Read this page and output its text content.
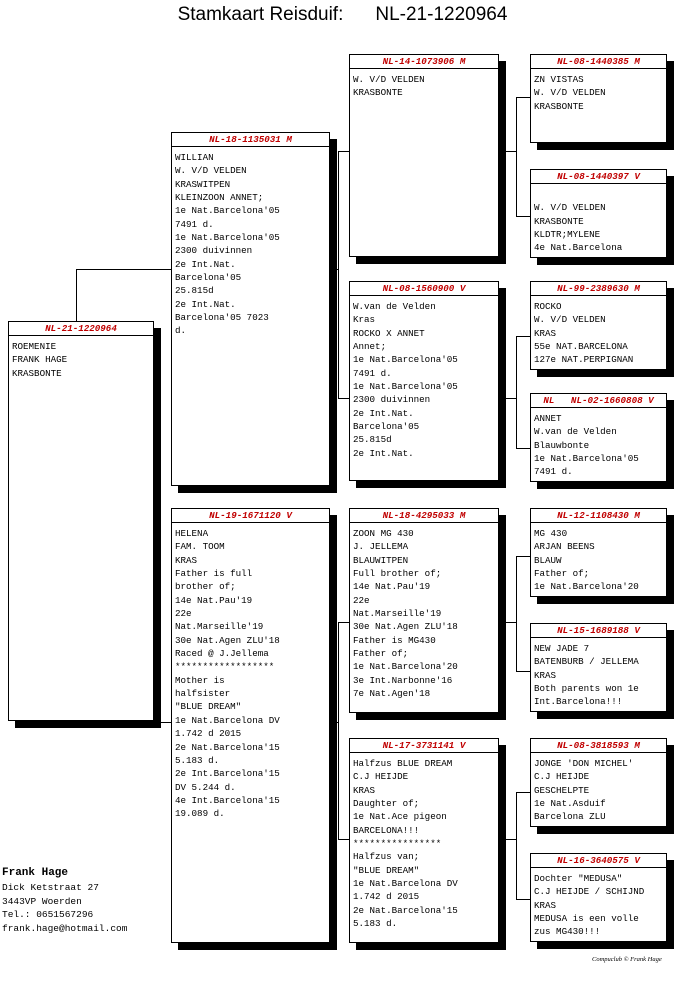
Stamkaart Reisduif: NL-21-1220964
NL-21-1220964
ROEMENIE
FRANK HAGE
KRASBONTE
NL-18-1135031 M
WILLIAN
W. V/D VELDEN
KRASWITPEN
KLEINZOON ANNET;
1e Nat.Barcelona'05
7491 d.
1e Nat.Barcelona'05
2300 duivinnen
2e Int.Nat.
Barcelona'05
25.815d
2e Int.Nat.
Barcelona'05 7023
d.
NL-19-1671120 V
HELENA
FAM. TOOM
KRAS
Father is full
brother of;
14e Nat.Pau'19
22e
Nat.Marseille'19
30e Nat.Agen ZLU'18
Raced @ J.Jellema
******************
Mother is
halfsister
"BLUE DREAM"
1e Nat.Barcelona DV
1.742 d 2015
2e Nat.Barcelona'15
5.183 d.
2e Int.Barcelona'15
DV 5.244 d.
4e Int.Barcelona'15
19.089 d.
NL-14-1073906 M
W. V/D VELDEN
KRASBONTE
NL-08-1560900 V
W.van de Velden
Kras
ROCKO X ANNET
Annet;
1e Nat.Barcelona'05
7491 d.
1e Nat.Barcelona'05
2300 duivinnen
2e Int.Nat.
Barcelona'05
25.815d
2e Int.Nat.
NL-18-4295033 M
ZOON MG 430
J. JELLEMA
BLAUWITPEN
Full brother of;
14e Nat.Pau'19
22e
Nat.Marseille'19
30e Nat.Agen ZLU'18
Father is MG430
Father of;
1e Nat.Barcelona'20
3e Int.Narbonne'16
7e Nat.Agen'18
NL-17-3731141 V
Halfzus BLUE DREAM
C.J HEIJDE
KRAS
Daughter of;
1e Nat.Ace pigeon
BARCELONA!!!
****************
Halfzus van;
"BLUE DREAM"
1e Nat.Barcelona DV
1.742 d 2015
2e Nat.Barcelona'15
5.183 d.
NL-08-1440385 M
ZN VISTAS
W. V/D VELDEN
KRASBONTE
NL-08-1440397 V
W. V/D VELDEN
KRASBONTE
KLDTR;MYLENE
4e Nat.Barcelona
NL-99-2389630 M
ROCKO
W. V/D VELDEN
KRAS
55e NAT.BARCELONA
127e NAT.PERPIGNAN
NL   NL-02-1660808 V
ANNET
W.van de Velden
Blauwbonte
1e Nat.Barcelona'05
7491 d.
NL-12-1108430 M
MG 430
ARJAN BEENS
BLAUW
Father of;
1e Nat.Barcelona'20
NL-15-1689188 V
NEW JADE 7
BATENBURB / JELLEMA
KRAS
Both parents won 1e
Int.Barcelona!!!
NL-08-3818593 M
JONGE 'DON MICHEL'
C.J HEIJDE
GESCHELPTE
1e Nat.Asduif
Barcelona ZLU
NL-16-3640575 V
Dochter "MEDUSA"
C.J HEIJDE / SCHIJND
KRAS
MEDUSA is een volle
zus MG430!!!
Frank Hage
Dick Ketstraat 27
3443VP Woerden
Tel.: 0651567296
frank.hage@hotmail.com
Compuclub © Frank Hage
